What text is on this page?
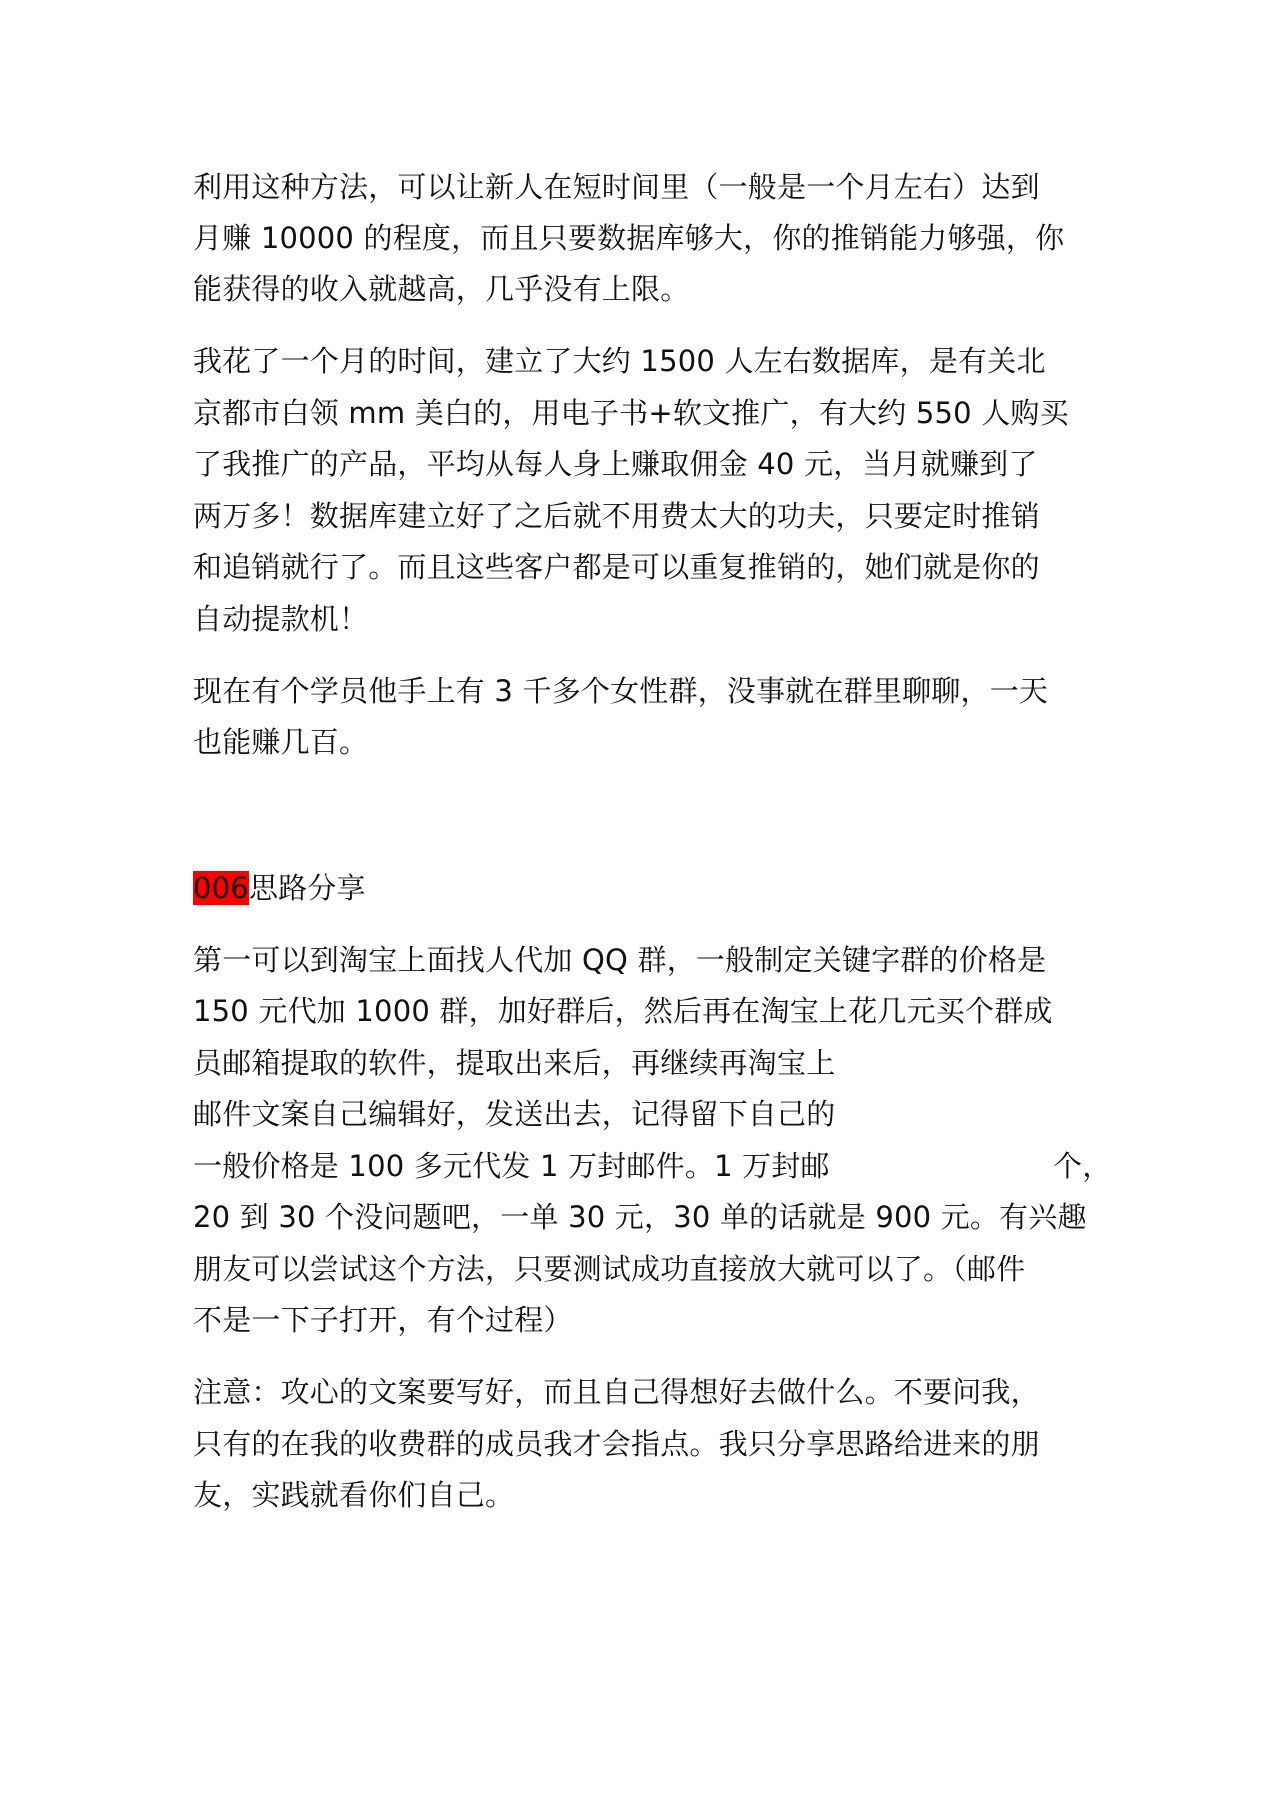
利用这种方法，可以让新人在短时间里（一般是一个月左右）达到
月赚 10000 的程度，而且只要数据库够大，你的推销能力够强，你
能获得的收入就越高，几乎没有上限。
我花了一个月的时间，建立了大约 1500 人左右数据库，是有关北
京都市白领 mm 美白的，用电子书+软文推广，有大约 550 人购买
了我推广的产品，平均从每人身上赚取佣金 40 元，当月就赚到了
两万多！数据库建立好了之后就不用费太大的功夫，只要定时推销
和追销就行了。而且这些客户都是可以重复推销的，她们就是你的
自动提款机！
现在有个学员他手上有 3 千多个女性群，没事就在群里聊聊，一天
也能赚几百。
006思路分享
第一可以到淘宝上面找人代加 QQ 群，一般制定关键字群的价格是
150 元代加 1000 群，加好群后，然后再在淘宝上花几元买个群成
员邮箱提取的软件，提取出来后，再继续再淘宝上
邮件文案自己编辑好，发送出去，记得留下自己的
一般价格是 100 多元代发 1 万封邮件。1 万封邮	个，
20 到 30 个没问题吧，一单 30 元，30 单的话就是 900 元。有兴趣
朋友可以尝试这个方法，只要测试成功直接放大就可以了。（邮件
不是一下子打开，有个过程）
注意：攻心的文案要写好，而且自己得想好去做什么。不要问我，
只有的在我的收费群的成员我才会指点。我只分享思路给进来的朋
友，实践就看你们自己。
